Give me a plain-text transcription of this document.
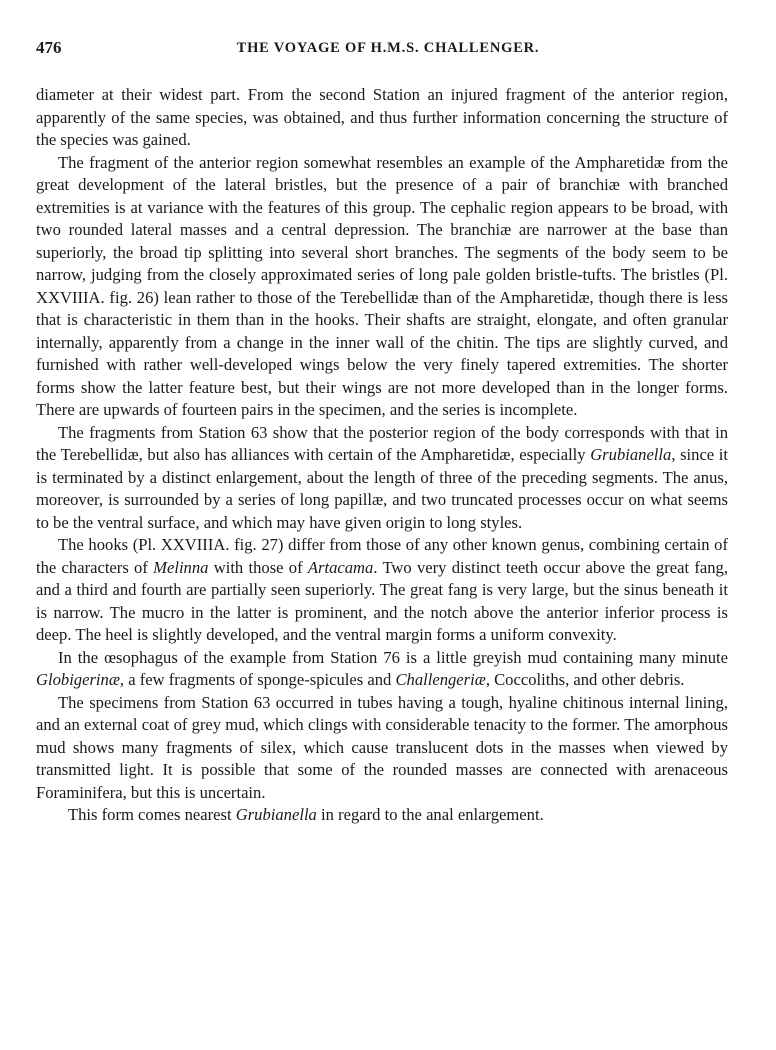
476	THE VOYAGE OF H.M.S. CHALLENGER.

diameter at their widest part. From the second Station an injured fragment of the anterior region, apparently of the same species, was obtained, and thus further information concerning the structure of the species was gained.

The fragment of the anterior region somewhat resembles an example of the Ampharetidæ from the great development of the lateral bristles, but the presence of a pair of branchiæ with branched extremities is at variance with the features of this group. The cephalic region appears to be broad, with two rounded lateral masses and a central depression. The branchiæ are narrower at the base than superiorly, the broad tip splitting into several short branches. The segments of the body seem to be narrow, judging from the closely approximated series of long pale golden bristle-tufts. The bristles (Pl. XXVIIIA. fig. 26) lean rather to those of the Terebellidæ than of the Ampharetidæ, though there is less that is characteristic in them than in the hooks. Their shafts are straight, elongate, and often granular internally, apparently from a change in the inner wall of the chitin. The tips are slightly curved, and furnished with rather well-developed wings below the very finely tapered extremities. The shorter forms show the latter feature best, but their wings are not more developed than in the longer forms. There are upwards of fourteen pairs in the specimen, and the series is incomplete.

The fragments from Station 63 show that the posterior region of the body corresponds with that in the Terebellidæ, but also has alliances with certain of the Ampharetidæ, especially Grubianella, since it is terminated by a distinct enlargement, about the length of three of the preceding segments. The anus, moreover, is surrounded by a series of long papillæ, and two truncated processes occur on what seems to be the ventral surface, and which may have given origin to long styles.

The hooks (Pl. XXVIIIA. fig. 27) differ from those of any other known genus, combining certain of the characters of Melinna with those of Artacama. Two very distinct teeth occur above the great fang, and a third and fourth are partially seen superiorly. The great fang is very large, but the sinus beneath it is narrow. The mucro in the latter is prominent, and the notch above the anterior inferior process is deep. The heel is slightly developed, and the ventral margin forms a uniform convexity.

In the œsophagus of the example from Station 76 is a little greyish mud containing many minute Globigerinæ, a few fragments of sponge-spicules and Challengeriæ, Coccoliths, and other debris.

The specimens from Station 63 occurred in tubes having a tough, hyaline chitinous internal lining, and an external coat of grey mud, which clings with considerable tenacity to the former. The amorphous mud shows many fragments of silex, which cause translucent dots in the masses when viewed by transmitted light. It is possible that some of the rounded masses are connected with arenaceous Foraminifera, but this is uncertain.

This form comes nearest Grubianella in regard to the anal enlargement.
